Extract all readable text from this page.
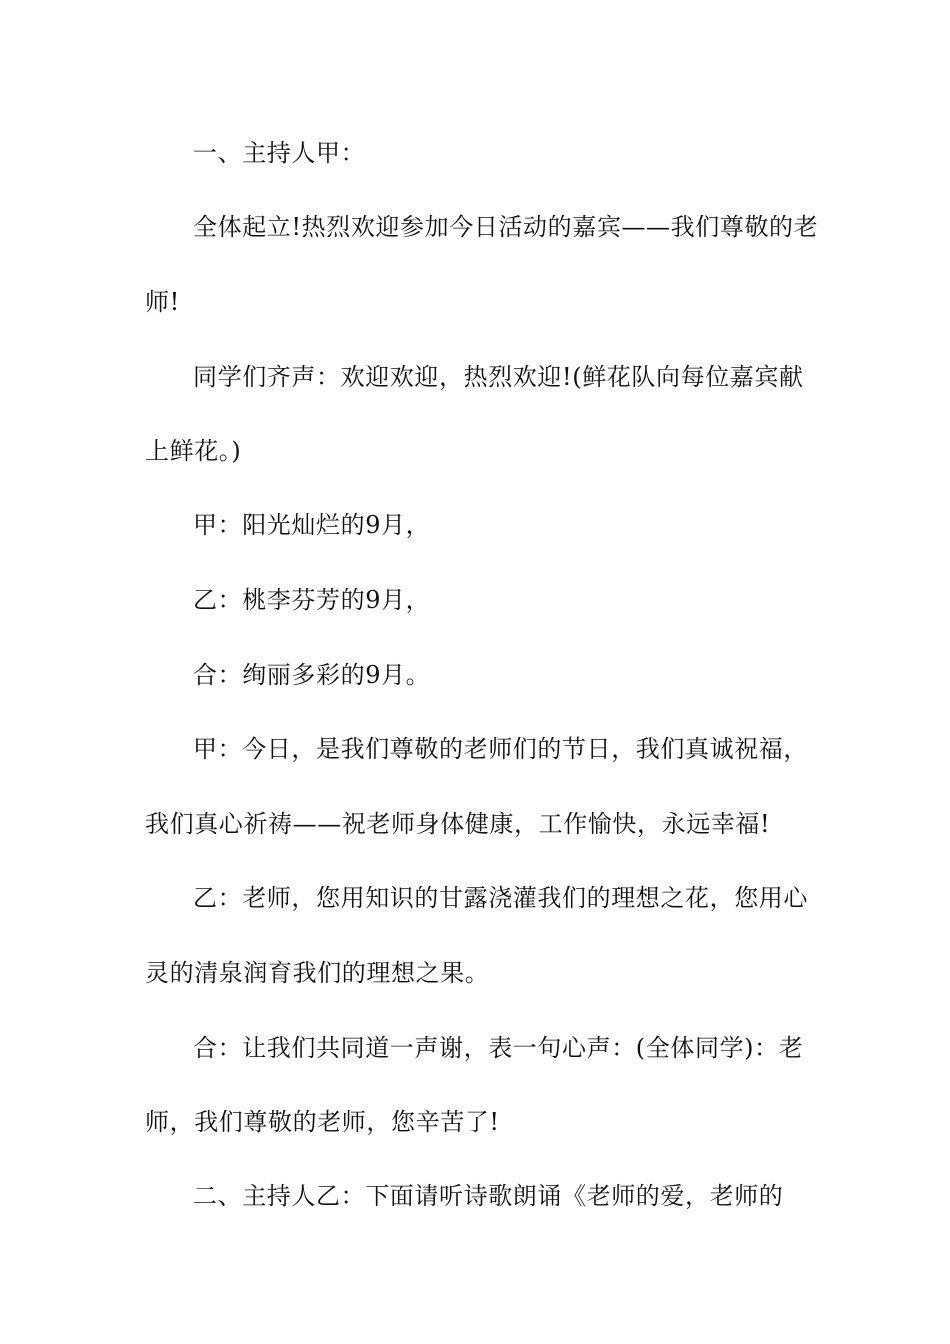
一、主持人甲：
全体起立!热烈欢迎参加今日活动的嘉宾——我们尊敬的老
师!
同学们齐声：欢迎欢迎，热烈欢迎!(鲜花队向每位嘉宾献
上鲜花。)
甲：阳光灿烂的9月，
乙：桃李芬芳的9月，
合：绚丽多彩的9月。
甲：今日，是我们尊敬的老师们的节日，我们真诚祝福，
我们真心祈祷——祝老师身体健康，工作愉快，永远幸福!
乙：老师，您用知识的甘露浇灌我们的理想之花，您用心
灵的清泉润育我们的理想之果。
合：让我们共同道一声谢，表一句心声：(全体同学)：老
师，我们尊敬的老师，您辛苦了!
二、主持人乙：下面请听诗歌朗诵《老师的爱，老师的
